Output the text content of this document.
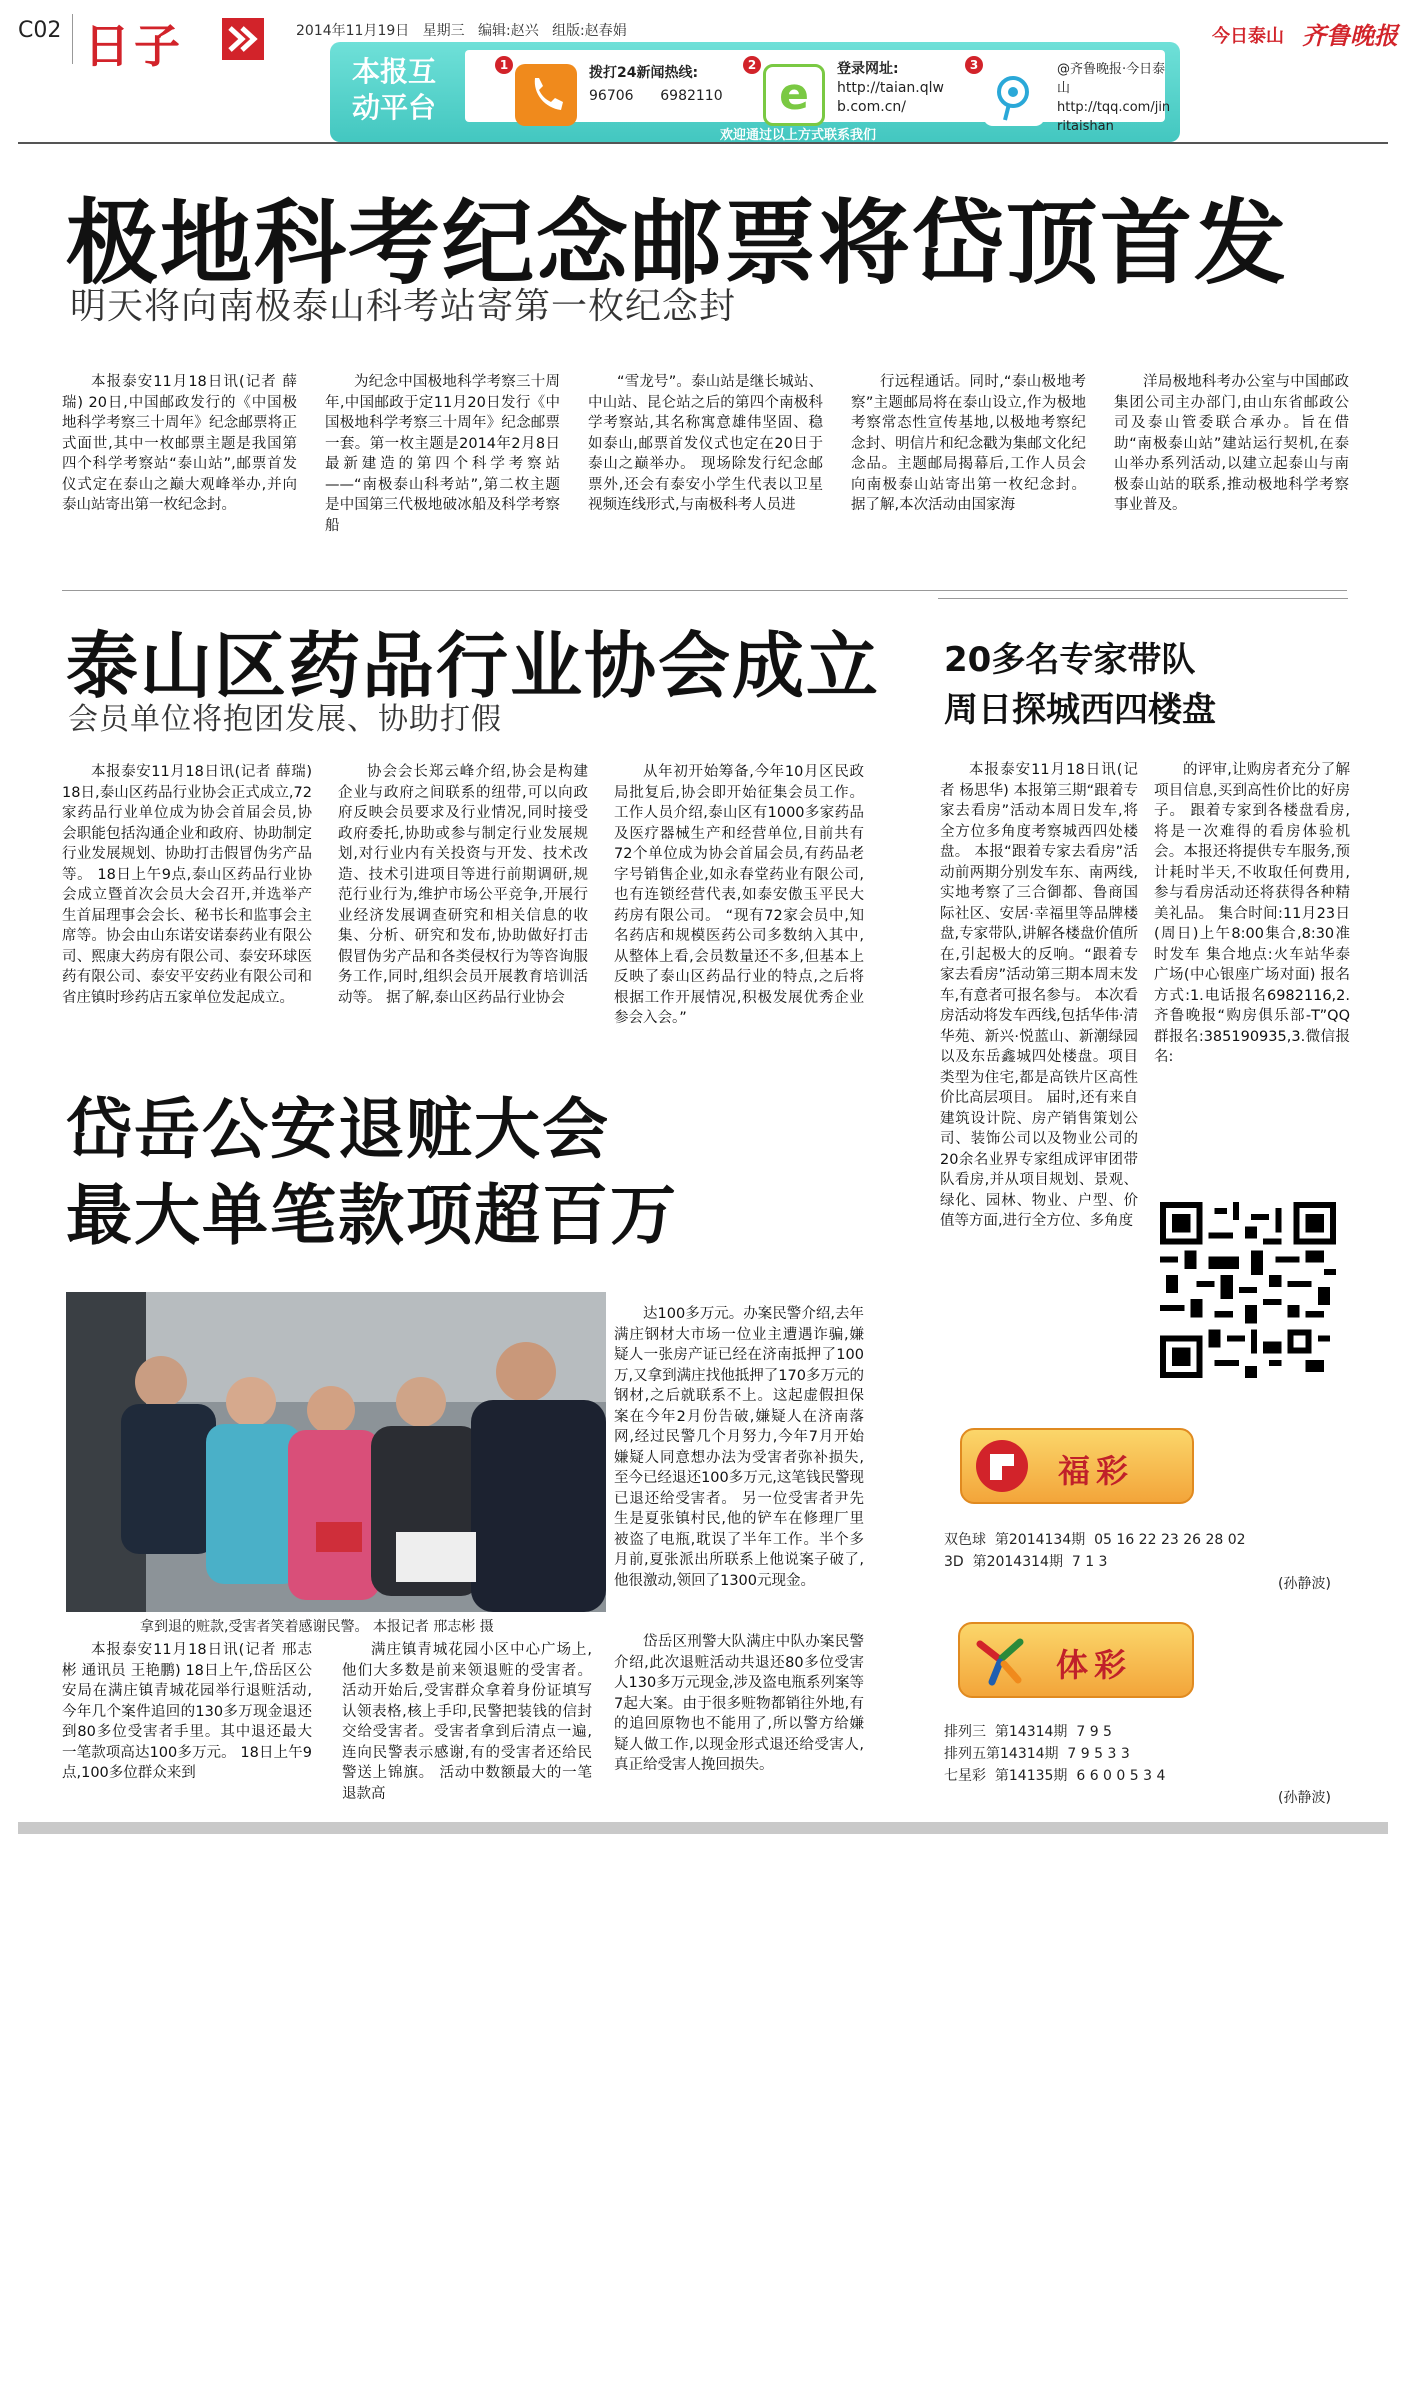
C02 日子	2014年11月19日 星期三 编辑:赵兴 组版:赵春娟	今日泰山 齐鲁晚报
本报互
动平台
1	拨打24新闻热线:
96706 6982110
2
e 登录网址:
http://taian.qlw
b.com.cn/
3	@齐鲁晚报·今日泰山
http://tqq.com/jin
ritaishan
欢迎通过以上方式联系我们
极地科考纪念邮票将岱顶首发
明天将向南极泰山科考站寄第一枚纪念封

本报泰安11月18日讯(记者 薛瑞) 20日,中国邮政发行的《中国极地科学考察三十周年》纪念邮票将正式面世,其中一枚邮票主题是我国第四个科学考察站“泰山站”,邮票首发仪式定在泰山之巅大观峰举办,并向泰山站寄出第一枚纪念封。

为纪念中国极地科学考察三十周年,中国邮政于定11月20日发行《中国极地科学考察三十周年》纪念邮票一套。第一枚主题是2014年2月8日最新建造的第四个科学考察站——“南极泰山科考站”,第二枚主题是中国第三代极地破冰船及科学考察船

“雪龙号”。泰山站是继长城站、中山站、昆仑站之后的第四个南极科学考察站,其名称寓意雄伟坚固、稳如泰山,邮票首发仪式也定在20日于泰山之巅举办。 现场除发行纪念邮票外,还会有泰安小学生代表以卫星视频连线形式,与南极科考人员进

行远程通话。同时,“泰山极地考察”主题邮局将在泰山设立,作为极地考察常态性宣传基地,以极地考察纪念封、明信片和纪念戳为集邮文化纪念品。主题邮局揭幕后,工作人员会向南极泰山站寄出第一枚纪念封。 据了解,本次活动由国家海

洋局极地科考办公室与中国邮政集团公司主办部门,由山东省邮政公司及泰山管委联合承办。旨在借助“南极泰山站”建站运行契机,在泰山举办系列活动,以建立起泰山与南极泰山站的联系,推动极地科学考察事业普及。

泰山区药品行业协会成立
会员单位将抱团发展、协助打假

本报泰安11月18日讯(记者 薛瑞) 18日,泰山区药品行业协会正式成立,72家药品行业单位成为协会首届会员,协会职能包括沟通企业和政府、协助制定行业发展规划、协助打击假冒伪劣产品等。 18日上午9点,泰山区药品行业协会成立暨首次会员大会召开,并选举产生首届理事会会长、秘书长和监事会主席等。协会由山东诺安诺泰药业有限公司、熙康大药房有限公司、泰安环球医药有限公司、泰安平安药业有限公司和省庄镇时珍药店五家单位发起成立。

协会会长郑云峰介绍,协会是构建企业与政府之间联系的纽带,可以向政府反映会员要求及行业情况,同时接受政府委托,协助或参与制定行业发展规划,对行业内有关投资与开发、技术改造、技术引进项目等进行前期调研,规范行业行为,维护市场公平竞争,开展行业经济发展调查研究和相关信息的收集、分析、研究和发布,协助做好打击假冒伪劣产品和各类侵权行为等咨询服务工作,同时,组织会员开展教育培训活动等。 据了解,泰山区药品行业协会

从年初开始筹备,今年10月区民政局批复后,协会即开始征集会员工作。工作人员介绍,泰山区有1000多家药品及医疗器械生产和经营单位,目前共有72个单位成为协会首届会员,有药品老字号销售企业,如永春堂药业有限公司,也有连锁经营代表,如泰安傲玉平民大药房有限公司。 “现有72家会员中,知名药店和规模医药公司多数纳入其中,从整体上看,会员数量还不多,但基本上反映了泰山区药品行业的特点,之后将根据工作开展情况,积极发展优秀企业参会入会。”

岱岳公安退赃大会
最大单笔款项超百万
拿到退的赃款,受害者笑着感谢民警。 本报记者 邢志彬 摄

本报泰安11月18日讯(记者 邢志彬 通讯员 王艳鹏) 18日上午,岱岳区公安局在满庄镇青城花园举行退赃活动,今年几个案件追回的130多万现金退还到80多位受害者手里。其中退还最大一笔款项高达100多万元。 18日上午9点,100多位群众来到

满庄镇青城花园小区中心广场上,他们大多数是前来领退赃的受害者。 活动开始后,受害群众拿着身份证填写认领表格,核上手印,民警把装钱的信封交给受害者。受害者拿到后清点一遍,连向民警表示感谢,有的受害者还给民警送上锦旗。 活动中数额最大的一笔退款高

达100多万元。办案民警介绍,去年满庄钢材大市场一位业主遭遇诈骗,嫌疑人一张房产证已经在济南抵押了100万,又拿到满庄找他抵押了170多万元的钢材,之后就联系不上。这起虚假担保案在今年2月份告破,嫌疑人在济南落网,经过民警几个月努力,今年7月开始嫌疑人同意想办法为受害者弥补损失,至今已经退还100多万元,这笔钱民警现已退还给受害者。 另一位受害者尹先生是夏张镇村民,他的铲车在修理厂里被盗了电瓶,耽误了半年工作。半个多月前,夏张派出所联系上他说案子破了,他很激动,领回了1300元现金。

岱岳区刑警大队满庄中队办案民警介绍,此次退赃活动共退还80多位受害人130多万元现金,涉及盗电瓶系列案等7起大案。由于很多赃物都销往外地,有的追回原物也不能用了,所以警方给嫌疑人做工作,以现金形式退还给受害人,真正给受害人挽回损失。

20多名专家带队
周日探城西四楼盘

本报泰安11月18日讯(记者 杨思华) 本报第三期“跟着专家去看房”活动本周日发车,将全方位多角度考察城西四处楼盘。 本报“跟着专家去看房”活动前两期分别发车东、南两线,实地考察了三合御都、鲁商国际社区、安居·幸福里等品牌楼盘,专家带队,讲解各楼盘价值所在,引起极大的反响。“跟着专家去看房”活动第三期本周末发车,有意者可报名参与。 本次看房活动将发车西线,包括华伟·清华苑、新兴·悦蓝山、新潮绿园以及东岳鑫城四处楼盘。项目类型为住宅,都是高铁片区高性价比高层项目。 届时,还有来自建筑设计院、房产销售策划公司、装饰公司以及物业公司的20余名业界专家组成评审团带队看房,并从项目规划、景观、绿化、园林、物业、户型、价值等方面,进行全方位、多角度

的评审,让购房者充分了解项目信息,买到高性价比的好房子。 跟着专家到各楼盘看房,将是一次难得的看房体验机会。本报还将提供专车服务,预计耗时半天,不收取任何费用,参与看房活动还将获得各种精美礼品。 集合时间:11月23日(周日)上午8:00集合,8:30准时发车 集合地点:火车站华泰广场(中心银座广场对面) 报名方式:1.电话报名6982116,2.齐鲁晚报“购房俱乐部-T”QQ群报名:385190935,3.微信报名:

福彩
双色球  第2014134期  05 16 22 23 26 28 02
3D  第2014314期  7 1 3
(孙静波)
体彩
排列三  第14314期  7 9 5
排列五第14314期  7 9 5 3 3
七星彩  第14135期  6 6 0 0 5 3 4
(孙静波)
